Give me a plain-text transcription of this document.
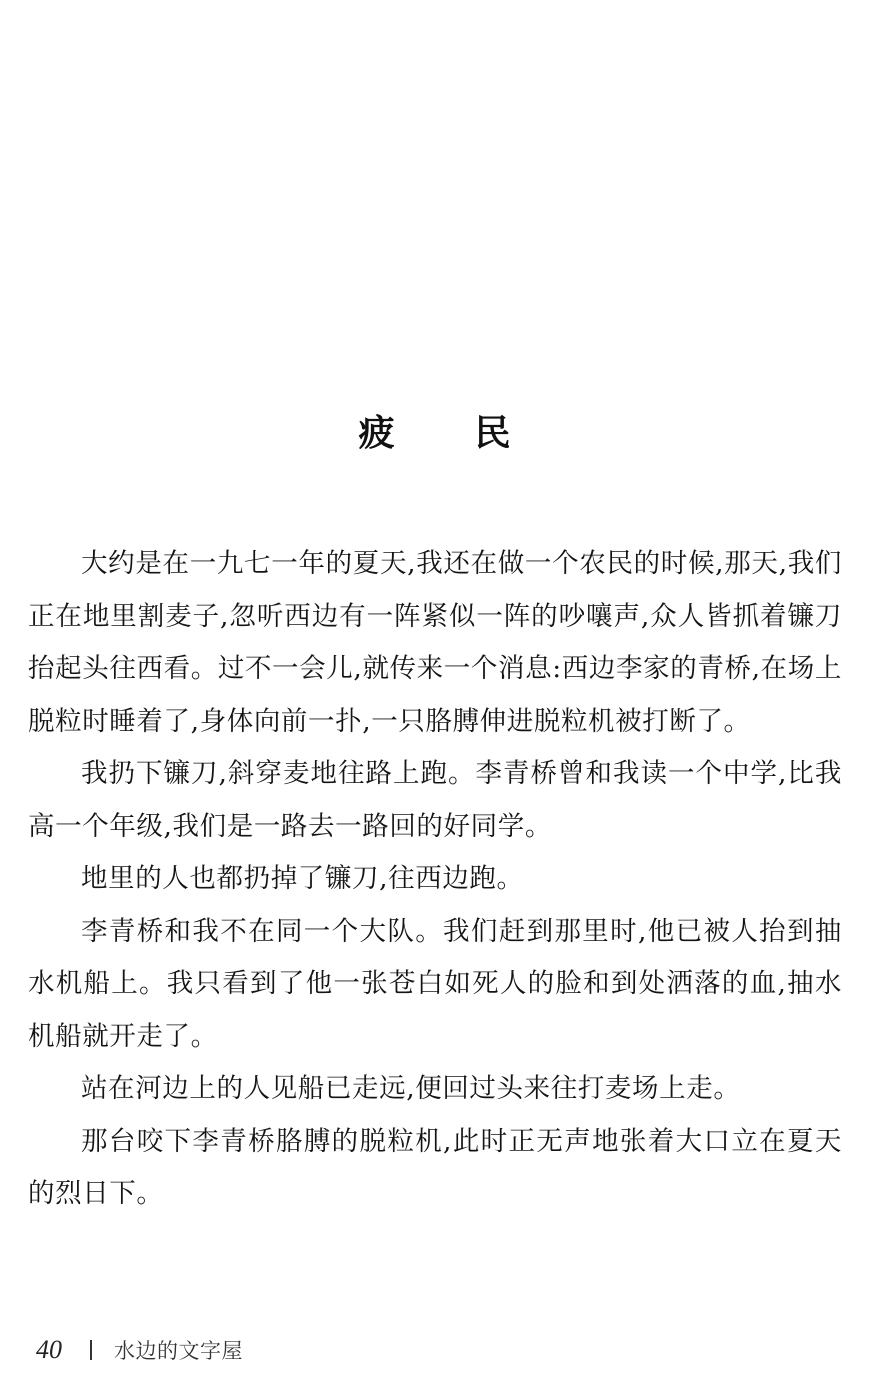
疲 民

大约是在一九七一年的夏天,我还在做一个农民的时候,那天,我们正在地里割麦子,忽听西边有一阵紧似一阵的吵嚷声,众人皆抓着镰刀抬起头往西看。过不一会儿,就传来一个消息:西边李家的青桥,在场上脱粒时睡着了,身体向前一扑,一只胳膊伸进脱粒机被打断了。

我扔下镰刀,斜穿麦地往路上跑。李青桥曾和我读一个中学,比我高一个年级,我们是一路去一路回的好同学。

地里的人也都扔掉了镰刀,往西边跑。

李青桥和我不在同一个大队。我们赶到那里时,他已被人抬到抽水机船上。我只看到了他一张苍白如死人的脸和到处洒落的血,抽水机船就开走了。

站在河边上的人见船已走远,便回过头来往打麦场上走。

那台咬下李青桥胳膊的脱粒机,此时正无声地张着大口立在夏天的烈日下。

40 水边的文字屋
